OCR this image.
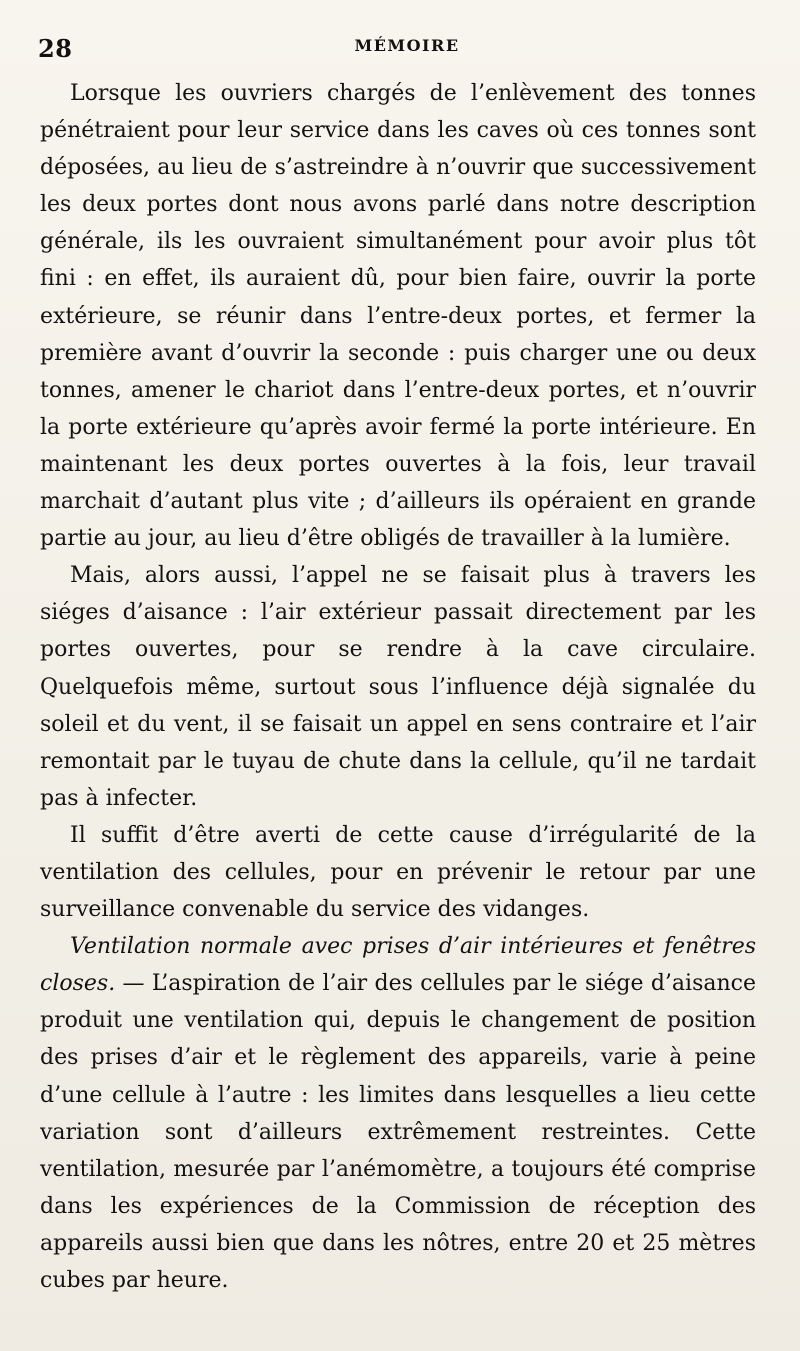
28	MÉMOIRE

Lorsque les ouvriers chargés de l’enlèvement des tonnes pénétraient pour leur service dans les caves où ces tonnes sont déposées, au lieu de s’astreindre à n’ouvrir que successivement les deux portes dont nous avons parlé dans notre description générale, ils les ouvraient simultanément pour avoir plus tôt fini : en effet, ils auraient dû, pour bien faire, ouvrir la porte extérieure, se réunir dans l’entre-deux portes, et fermer la première avant d’ouvrir la seconde : puis charger une ou deux tonnes, amener le chariot dans l’entre-deux portes, et n’ouvrir la porte extérieure qu’après avoir fermé la porte intérieure. En maintenant les deux portes ouvertes à la fois, leur travail marchait d’autant plus vite ; d’ailleurs ils opéraient en grande partie au jour, au lieu d’être obligés de travailler à la lumière.

Mais, alors aussi, l’appel ne se faisait plus à travers les siéges d’aisance : l’air extérieur passait directement par les portes ouvertes, pour se rendre à la cave circulaire. Quelquefois même, surtout sous l’influence déjà signalée du soleil et du vent, il se faisait un appel en sens contraire et l’air remontait par le tuyau de chute dans la cellule, qu’il ne tardait pas à infecter.

Il suffit d’être averti de cette cause d’irrégularité de la ventilation des cellules, pour en prévenir le retour par une surveillance convenable du service des vidanges.

Ventilation normale avec prises d’air intérieures et fenêtres closes. — L’aspiration de l’air des cellules par le siége d’aisance produit une ventilation qui, depuis le changement de position des prises d’air et le règlement des appareils, varie à peine d’une cellule à l’autre : les limites dans lesquelles a lieu cette variation sont d’ailleurs extrêmement restreintes. Cette ventilation, mesurée par l’anémomètre, a toujours été comprise dans les expériences de la Commission de réception des appareils aussi bien que dans les nôtres, entre 20 et 25 mètres cubes par heure.
